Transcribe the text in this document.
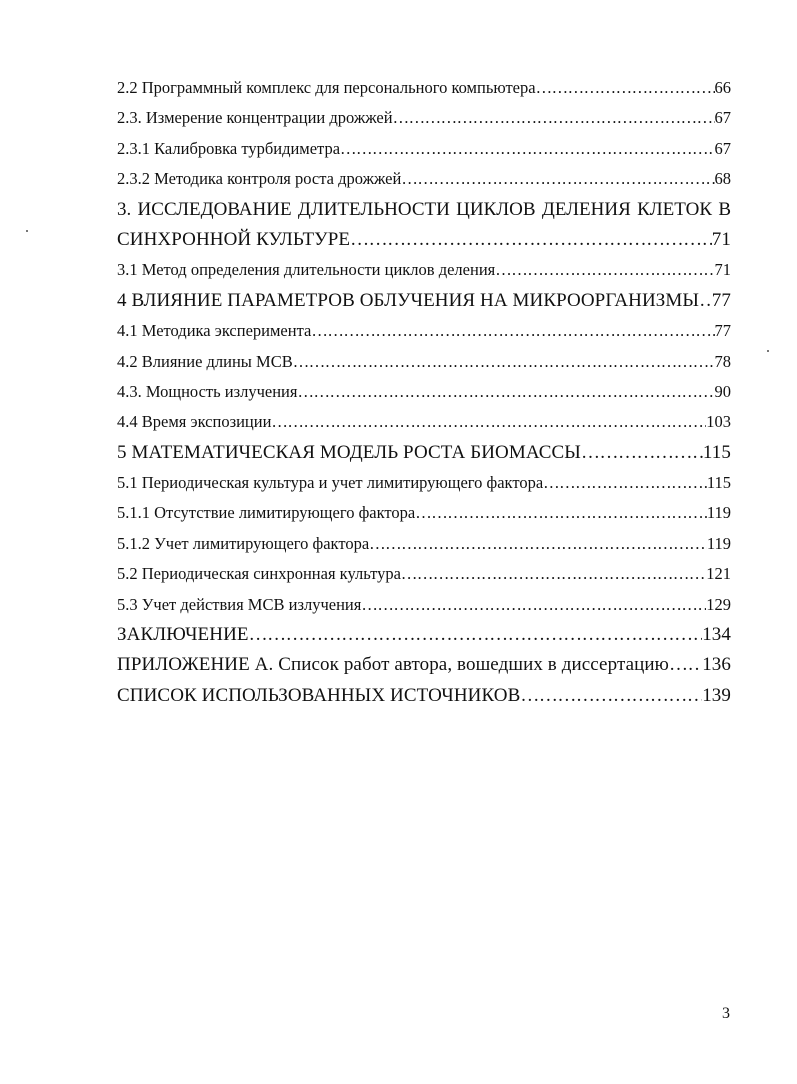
2.2 Программный комплекс для персонального компьютера ……………………………………………………………………………………………………………………………………	66
2.3. Измерение концентрации дрожжей ……………………………………………………………………………………………………………………………………	67
2.3.1 Калибровка турбидиметра ……………………………………………………………………………………………………………………………………	67
2.3.2 Методика контроля роста дрожжей ……………………………………………………………………………………………………………………………………	68
3. ИССЛЕДОВАНИЕ ДЛИТЕЛЬНОСТИ ЦИКЛОВ ДЕЛЕНИЯ КЛЕТОК В
СИНХРОННОЙ КУЛЬТУРЕ ……………………………………………………………………………………………………………………………………	71
3.1 Метод определения длительности циклов деления ……………………………………………………………………………………………………………………………………	71
4 ВЛИЯНИЕ ПАРАМЕТРОВ ОБЛУЧЕНИЯ НА МИКРООРГАНИЗМЫ …………………………………………………………………………………………………………………………………… 77
4.1 Методика эксперимента ……………………………………………………………………………………………………………………………………	77
4.2 Влияние длины МСВ ……………………………………………………………………………………………………………………………………	78
4.3. Мощность излучения ……………………………………………………………………………………………………………………………………	90
4.4 Время экспозиции ……………………………………………………………………………………………………………………………………	103
5 МАТЕМАТИЧЕСКАЯ МОДЕЛЬ РОСТА БИОМАССЫ ……………………………………………………………………………………………………………………………………	115
5.1 Периодическая культура и учет лимитирующего фактора ……………………………………………………………………………………………………………………………………	115
5.1.1 Отсутствие лимитирующего фактора ……………………………………………………………………………………………………………………………………	119
5.1.2 Учет лимитирующего фактора ……………………………………………………………………………………………………………………………………	119
5.2 Периодическая синхронная культура ……………………………………………………………………………………………………………………………………	121
5.3 Учет действия МСВ излучения ……………………………………………………………………………………………………………………………………	129
ЗАКЛЮЧЕНИЕ ……………………………………………………………………………………………………………………………………	134
ПРИЛОЖЕНИЕ А. Список работ автора, вошедших в диссертацию …………………………………………………………………………………………………………………………………… 136
СПИСОК ИСПОЛЬЗОВАННЫХ ИСТОЧНИКОВ ……………………………………………………………………………………………………………………………………	139
3
